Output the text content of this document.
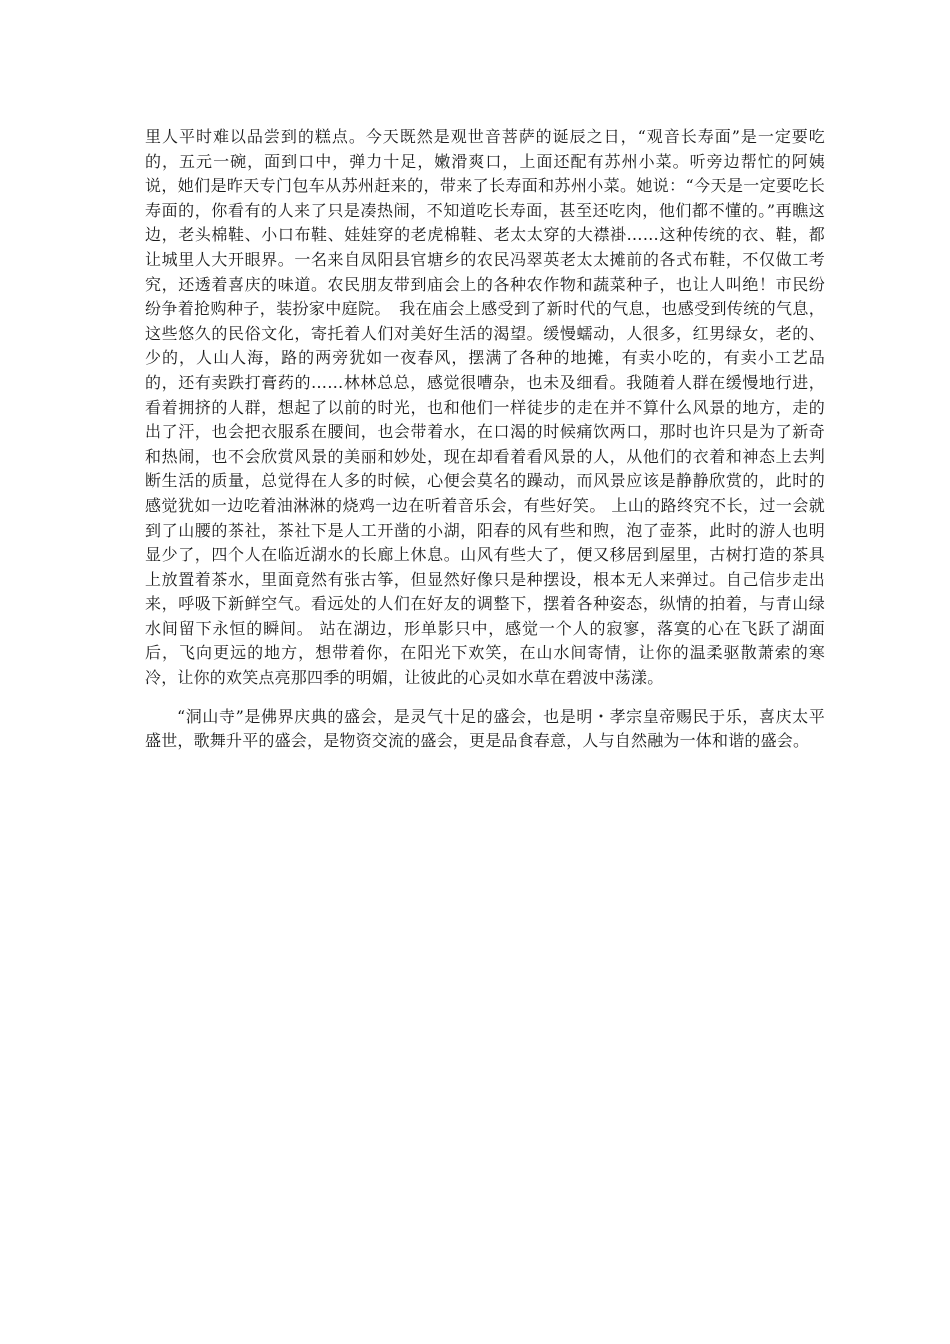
里人平时难以品尝到的糕点。今天既然是观世音菩萨的诞辰之日，“观音长寿面”是一定要吃的，五元一碗，面到口中，弹力十足，嫩滑爽口，上面还配有苏州小菜。听旁边帮忙的阿姨说，她们是昨天专门包车从苏州赶来的，带来了长寿面和苏州小菜。她说：“今天是一定要吃长寿面的，你看有的人来了只是凑热闹，不知道吃长寿面，甚至还吃肉，他们都不懂的。”再瞧这边，老头棉鞋、小口布鞋、娃娃穿的老虎棉鞋、老太太穿的大襟褂……这种传统的衣、鞋，都让城里人大开眼界。一名来自凤阳县官塘乡的农民冯翠英老太太摊前的各式布鞋，不仅做工考究，还透着喜庆的味道。农民朋友带到庙会上的各种农作物和蔬菜种子，也让人叫绝！市民纷纷争着抢购种子，装扮家中庭院。　我在庙会上感受到了新时代的气息，也感受到传统的气息，这些悠久的民俗文化，寄托着人们对美好生活的渴望。缓慢蠕动，人很多，红男绿女，老的、少的，人山人海，路的两旁犹如一夜春风，摆满了各种的地摊，有卖小吃的，有卖小工艺品的，还有卖跌打膏药的……林林总总，感觉很嘈杂，也未及细看。我随着人群在缓慢地行进，看着拥挤的人群，想起了以前的时光，也和他们一样徒步的走在并不算什么风景的地方，走的出了汗，也会把衣服系在腰间，也会带着水，在口渴的时候痛饮两口，那时也许只是为了新奇和热闹，也不会欣赏风景的美丽和妙处，现在却看着看风景的人，从他们的衣着和神态上去判断生活的质量，总觉得在人多的时候，心便会莫名的躁动，而风景应该是静静欣赏的，此时的感觉犹如一边吃着油淋淋的烧鸡一边在听着音乐会，有些好笑。 上山的路终究不长，过一会就到了山腰的茶社，茶社下是人工开凿的小湖，阳春的风有些和煦，泡了壶茶，此时的游人也明显少了，四个人在临近湖水的长廊上休息。山风有些大了，便又移居到屋里，古树打造的茶具上放置着茶水，里面竟然有张古筝，但显然好像只是种摆设，根本无人来弹过。自己信步走出来，呼吸下新鲜空气。看远处的人们在好友的调整下，摆着各种姿态，纵情的拍着，与青山绿水间留下永恒的瞬间。 站在湖边，形单影只中，感觉一个人的寂寥，落寞的心在飞跃了湖面后，飞向更远的地方，想带着你，在阳光下欢笑，在山水间寄情，让你的温柔驱散萧索的寒冷，让你的欢笑点亮那四季的明媚，让彼此的心灵如水草在碧波中荡漾。

“洞山寺”是佛界庆典的盛会，是灵气十足的盛会，也是明・孝宗皇帝赐民于乐，喜庆太平盛世，歌舞升平的盛会，是物资交流的盛会，更是品食春意，人与自然融为一体和谐的盛会。
